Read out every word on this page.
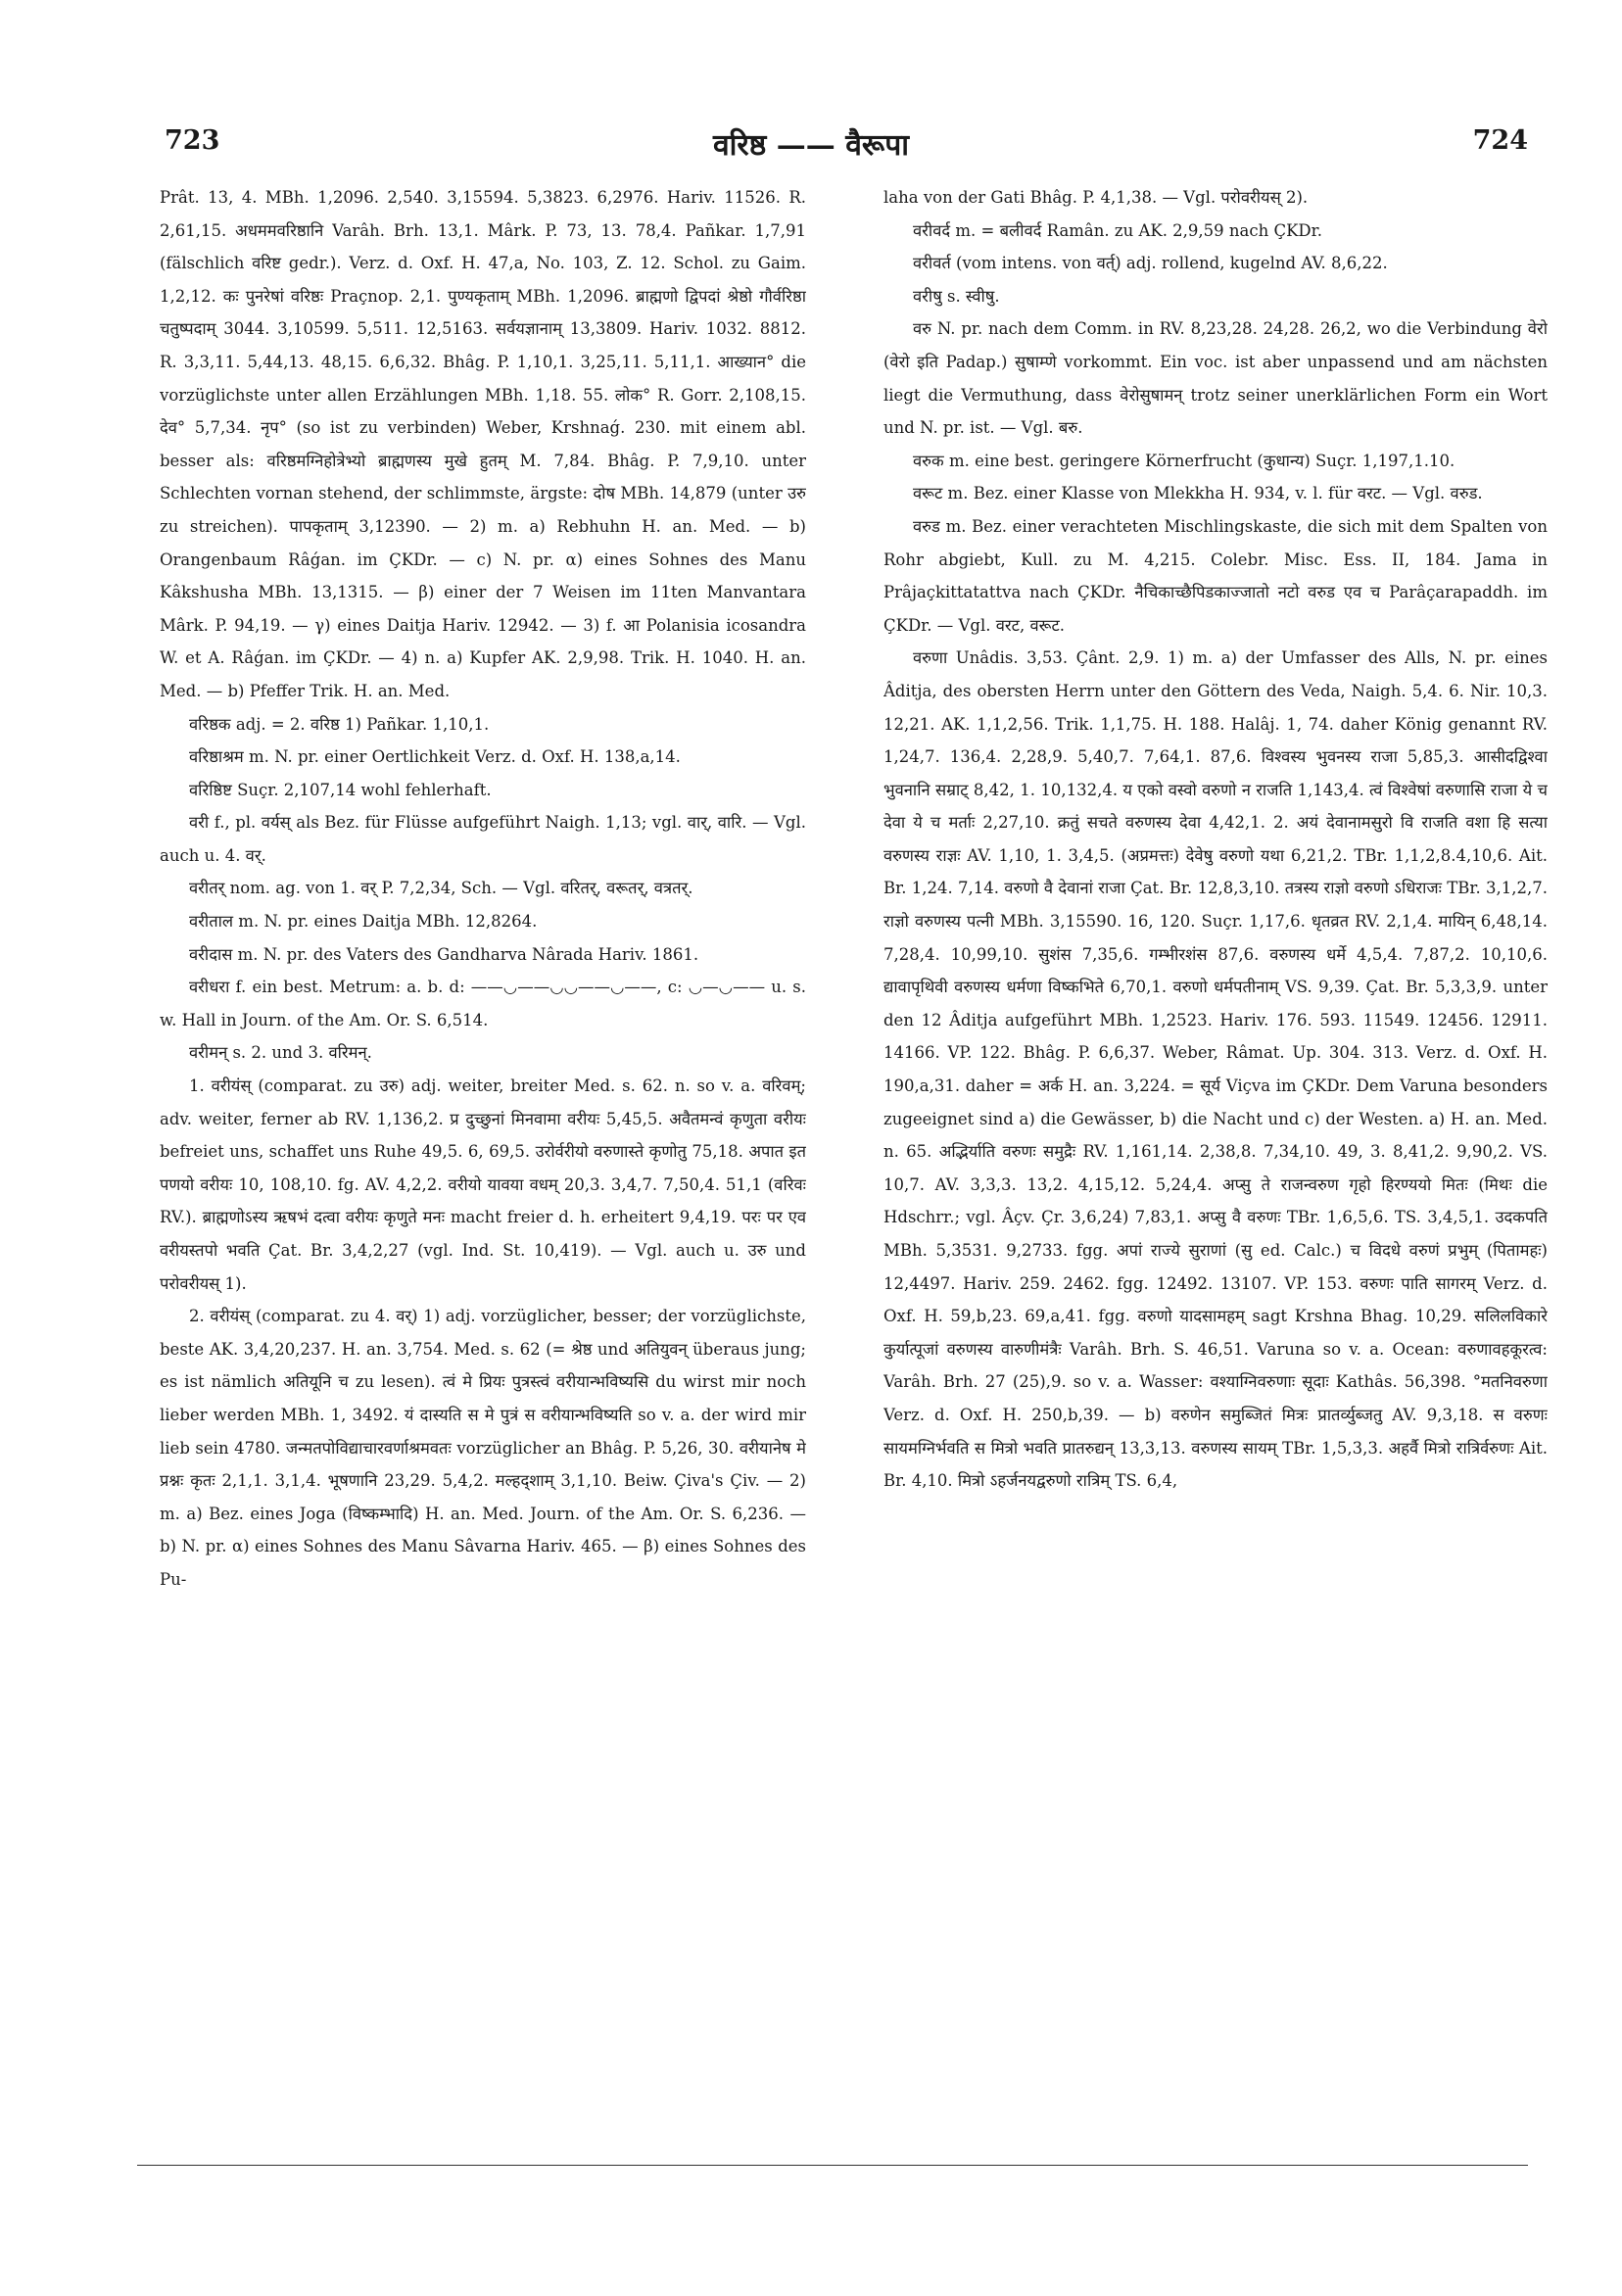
723	वरिष्ठ —— वैरूपा	724

Prât. 13, 4. MBh. 1,2096. 2,540. 3,15594. 5,3823. 6,2976. Hariv. 11526. R. 2,61,15. अधममवरिष्ठानि Varâh. Brh. 13,1. Mârk. P. 73, 13. 78,4. Pañkar. 1,7,91 (fälschlich वरिष्ट gedr.). Verz. d. Oxf. H. 47,a, No. 103, Z. 12. Schol. zu Gaim. 1,2,12. कः पुनरेषां वरिष्ठः Praçnop. 2,1. पुण्यकृताम् MBh. 1,2096. ब्राह्मणो द्विपदां श्रेष्ठो गौर्वरिष्ठा चतुष्पदाम् 3044. 3,10599. 5,511. 12,5163. सर्वयज्ञानाम् 13,3809. Hariv. 1032. 8812. R. 3,3,11. 5,44,13. 48,15. 6,6,32. Bhâg. P. 1,10,1. 3,25,11. 5,11,1. आख्यान° die vorzüglichste unter allen Erzählungen MBh. 1,18. 55. लोक° R. Gorr. 2,108,15. देव° 5,7,34. नृप° (so ist zu verbinden) Weber, Krshnaǵ. 230. mit einem abl. besser als: वरिष्ठमग्निहोत्रेभ्यो ब्राह्मणस्य मुखे हुतम् M. 7,84. Bhâg. P. 7,9,10. unter Schlechten vornan stehend, der schlimmste, ärgste: दोष MBh. 14,879 (unter उरु zu streichen). पापकृताम् 3,12390. — 2) m. a) Rebhuhn H. an. Med. — b) Orangenbaum Râǵan. im ÇKDr. — c) N. pr. α) eines Sohnes des Manu Kâkshusha MBh. 13,1315. — β) einer der 7 Weisen im 11ten Manvantara Mârk. P. 94,19. — γ) eines Daitja Hariv. 12942. — 3) f. आ Polanisia icosandra W. et A. Râǵan. im ÇKDr. — 4) n. a) Kupfer AK. 2,9,98. Trik. H. 1040. H. an. Med. — b) Pfeffer Trik. H. an. Med.

वरिष्ठक adj. = 2. वरिष्ठ 1) Pañkar. 1,10,1.

वरिष्ठाश्रम m. N. pr. einer Oertlichkeit Verz. d. Oxf. H. 138,a,14.

वरिष्ठिष्ट Suçr. 2,107,14 wohl fehlerhaft.

वरी f., pl. वर्यस् als Bez. für Flüsse aufgeführt Naigh. 1,13; vgl. वार्, वारि. — Vgl. auch u. 4. वर्.

वरीतर् nom. ag. von 1. वर् P. 7,2,34, Sch. — Vgl. वरितर्, वरूतर्, वत्रतर्.

वरीताल m. N. pr. eines Daitja MBh. 12,8264.

वरीदास m. N. pr. des Vaters des Gandharva Nârada Hariv. 1861.

वरीधरा f. ein best. Metrum: a. b. d: ——◡——◡◡——◡——, c: ◡—◡—— u. s. w. Hall in Journ. of the Am. Or. S. 6,514.

वरीमन् s. 2. und 3. वरिमन्.

1. वरीयंस् (comparat. zu उरु) adj. weiter, breiter Med. s. 62. n. so v. a. वरिवम्; adv. weiter, ferner ab RV. 1,136,2. प्र दुच्छुनां मिनवामा वरीयः 5,45,5. अवैतमन्वं कृणुता वरीयः befreiet uns, schaffet uns Ruhe 49,5. 6, 69,5. उरोर्वरीयो वरुणास्ते कृणोतु 75,18. अपात इत पणयो वरीयः 10, 108,10. fg. AV. 4,2,2. वरीयो यावया वधम् 20,3. 3,4,7. 7,50,4. 51,1 (वरिवः RV.). ब्राह्मणोऽस्य ऋषभं दत्वा वरीयः कृणुते मनः macht freier d. h. erheitert 9,4,19. परः पर एव वरीयस्तपो भवति Çat. Br. 3,4,2,27 (vgl. Ind. St. 10,419). — Vgl. auch u. उरु und परोवरीयस् 1).

2. वरीयंस् (comparat. zu 4. वर्) 1) adj. vorzüglicher, besser; der vorzüglichste, beste AK. 3,4,20,237. H. an. 3,754. Med. s. 62 (= श्रेष्ठ und अतियुवन् überaus jung; es ist nämlich अतियूनि च zu lesen). त्वं मे प्रियः पुत्रस्त्वं वरीयान्भविष्यसि du wirst mir noch lieber werden MBh. 1, 3492. यं दास्यति स मे पुत्रं स वरीयान्भविष्यति so v. a. der wird mir lieb sein 4780. जन्मतपोविद्याचारवर्णाश्रमवतः vorzüglicher an Bhâg. P. 5,26, 30. वरीयानेष मे प्रश्नः कृतः 2,1,1. 3,1,4. भूषणानि 23,29. 5,4,2. मल्हद्शाम् 3,1,10. Beiw. Çiva's Çiv. — 2) m. a) Bez. eines Joga (विष्कम्भादि) H. an. Med. Journ. of the Am. Or. S. 6,236. — b) N. pr. α) eines Sohnes des Manu Sâvarna Hariv. 465. — β) eines Sohnes des Pu-

laha von der Gati Bhâg. P. 4,1,38. — Vgl. परोवरीयस् 2).

वरीवर्द m. = बलीवर्द Ramân. zu AK. 2,9,59 nach ÇKDr.

वरीवर्त (vom intens. von वर्त्) adj. rollend, kugelnd AV. 8,6,22.

वरीषु s. स्वीषु.

वरु N. pr. nach dem Comm. in RV. 8,23,28. 24,28. 26,2, wo die Verbindung वेरो (वेरो इति Padap.) सुषाम्णे vorkommt. Ein voc. ist aber unpassend und am nächsten liegt die Vermuthung, dass वेरोसुषामन् trotz seiner unerklärlichen Form ein Wort und N. pr. ist. — Vgl. बरु.

वरुक m. eine best. geringere Körnerfrucht (कुधान्य) Suçr. 1,197,1.10.

वरूट m. Bez. einer Klasse von Mlekkha H. 934, v. l. für वरट. — Vgl. वरुड.

वरुड m. Bez. einer verachteten Mischlingskaste, die sich mit dem Spalten von Rohr abgiebt, Kull. zu M. 4,215. Colebr. Misc. Ess. II, 184. Jama in Prâjaçkittatattva nach ÇKDr. नैचिकाच्छैपिडकाज्जातो नटो वरुड एव च Parâçarapaddh. im ÇKDr. — Vgl. वरट, वरूट.

वरुणा Unâdis. 3,53. Çânt. 2,9. 1) m. a) der Umfasser des Alls, N. pr. eines Âditja, des obersten Herrn unter den Göttern des Veda, Naigh. 5,4. 6. Nir. 10,3. 12,21. AK. 1,1,2,56. Trik. 1,1,75. H. 188. Halâj. 1, 74. daher König genannt RV. 1,24,7. 136,4. 2,28,9. 5,40,7. 7,64,1. 87,6. विश्वस्य भुवनस्य राजा 5,85,3. आसीदद्विश्वा भुवनानि सम्राट् 8,42, 1. 10,132,4. य एको वस्वो वरुणो न राजति 1,143,4. त्वं विश्वेषां वरुणासि राजा ये च देवा ये च मर्ताः 2,27,10. क्रतुं सचते वरुणस्य देवा 4,42,1. 2. अयं देवानामसुरो वि राजति वशा हि सत्या वरुणस्य राज्ञः AV. 1,10, 1. 3,4,5. (अप्रमत्तः) देवेषु वरुणो यथा 6,21,2. TBr. 1,1,2,8.4,10,6. Ait. Br. 1,24. 7,14. वरुणो वै देवानां राजा Çat. Br. 12,8,3,10. तत्रस्य राज्ञो वरुणो ऽधिराजः TBr. 3,1,2,7. राज्ञो वरुणस्य पत्नी MBh. 3,15590. 16, 120. Suçr. 1,17,6. धृतव्रत RV. 2,1,4. मायिन् 6,48,14. 7,28,4. 10,99,10. सुशंस 7,35,6. गम्भीरशंस 87,6. वरुणस्य धर्मे 4,5,4. 7,87,2. 10,10,6. द्यावापृथिवी वरुणस्य धर्मणा विष्कभिते 6,70,1. वरुणो धर्मपतीनाम् VS. 9,39. Çat. Br. 5,3,3,9. unter den 12 Âditja aufgeführt MBh. 1,2523. Hariv. 176. 593. 11549. 12456. 12911. 14166. VP. 122. Bhâg. P. 6,6,37. Weber, Râmat. Up. 304. 313. Verz. d. Oxf. H. 190,a,31. daher = अर्क H. an. 3,224. = सूर्य Viçva im ÇKDr. Dem Varuna besonders zugeeignet sind a) die Gewässer, b) die Nacht und c) der Westen. a) H. an. Med. n. 65. अद्भिर्याति वरुणः समुद्रैः RV. 1,161,14. 2,38,8. 7,34,10. 49, 3. 8,41,2. 9,90,2. VS. 10,7. AV. 3,3,3. 13,2. 4,15,12. 5,24,4. अप्सु ते राजन्वरुण गृहो हिरण्ययो मितः (मिथः die Hdschrr.; vgl. Âçv. Çr. 3,6,24) 7,83,1. अप्सु वै वरुणः TBr. 1,6,5,6. TS. 3,4,5,1. उदकपति MBh. 5,3531. 9,2733. fgg. अपां राज्ये सुराणां (सु ed. Calc.) च विदधे वरुणं प्रभुम् (पितामहः) 12,4497. Hariv. 259. 2462. fgg. 12492. 13107. VP. 153. वरुणः पाति सागरम् Verz. d. Oxf. H. 59,b,23. 69,a,41. fgg. वरुणो यादसामहम् sagt Krshna Bhag. 10,29. सलिलविकारे कुर्यात्पूजां वरुणस्य वारुणीमंत्रैः Varâh. Brh. S. 46,51. Varuna so v. a. Ocean: वरुणावहकूरत्व: Varâh. Brh. 27 (25),9. so v. a. Wasser: वश्याग्निवरुणाः सूदाः Kathâs. 56,398. °मतनिवरुणा Verz. d. Oxf. H. 250,b,39. — b) वरुणेन समुब्जितं मित्रः प्रातर्व्युब्जतु AV. 9,3,18. स वरुणः सायमग्निर्भवति स मित्रो भवति प्रातरुद्यन् 13,3,13. वरुणस्य सायम् TBr. 1,5,3,3. अहर्वै मित्रो रात्रिर्वरुणः Ait. Br. 4,10. मित्रो ऽहर्जनयद्वरुणो रात्रिम् TS. 6,4,
